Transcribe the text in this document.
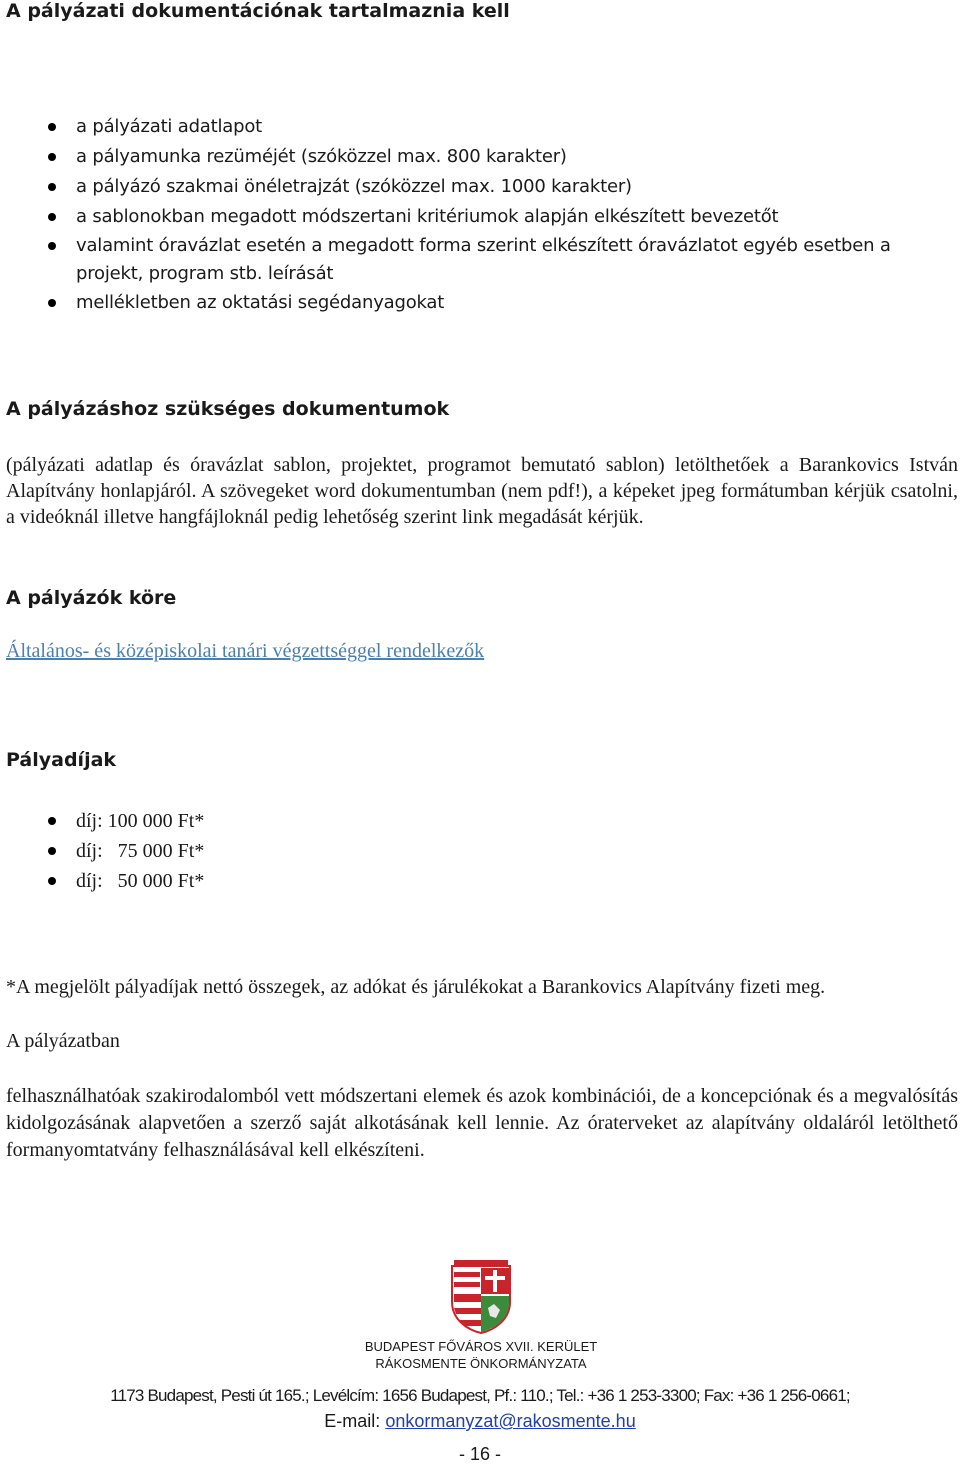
A pályázati dokumentációnak tartalmaznia kell
a pályázati adatlapot
a pályamunka rezüméjét (szóközzel max. 800 karakter)
a pályázó szakmai önéletrajzát (szóközzel max. 1000 karakter)
a sablonokban megadott módszertani kritériumok alapján elkészített bevezetőt
valamint óravázlat esetén a megadott forma szerint elkészített óravázlatot egyéb esetben a projekt, program stb. leírását
mellékletben az oktatási segédanyagokat
A pályázáshoz szükséges dokumentumok
(pályázati adatlap és óravázlat sablon, projektet, programot bemutató sablon) letölthetőek a Barankovics István Alapítvány honlapjáról. A szövegeket word dokumentumban (nem pdf!), a képeket jpeg formátumban kérjük csatolni, a videóknál illetve hangfájloknál pedig lehetőség szerint link megadását kérjük.
A pályázók köre
Általános- és középiskolai tanári végzettséggel rendelkezők
Pályadíjak
díj: 100 000 Ft*
díj: 75 000 Ft*
díj: 50 000 Ft*
*A megjelölt pályadíjak nettó összegek, az adókat és járulékokat a Barankovics Alapítvány fizeti meg.
A pályázatban
felhasználhatóak szakirodalomból vett módszertani elemek és azok kombinációi, de a koncepciónak és a megvalósítás kidolgozásának alapvetően a szerző saját alkotásának kell lennie. Az óraterveket az alapítvány oldaláról letölthető formanyomtatvány felhasználásával kell elkészíteni.
BUDAPEST FŐVÁROS XVII. KERÜLET
RÁKOSMENTE ÖNKORMÁNYZATA
1173 Budapest, Pesti út 165.; Levélcím: 1656 Budapest, Pf.: 110.; Tel.: +36 1 253-3300; Fax: +36 1 256-0661;
E-mail: onkormanyzat@rakosmente.hu
- 16 -
